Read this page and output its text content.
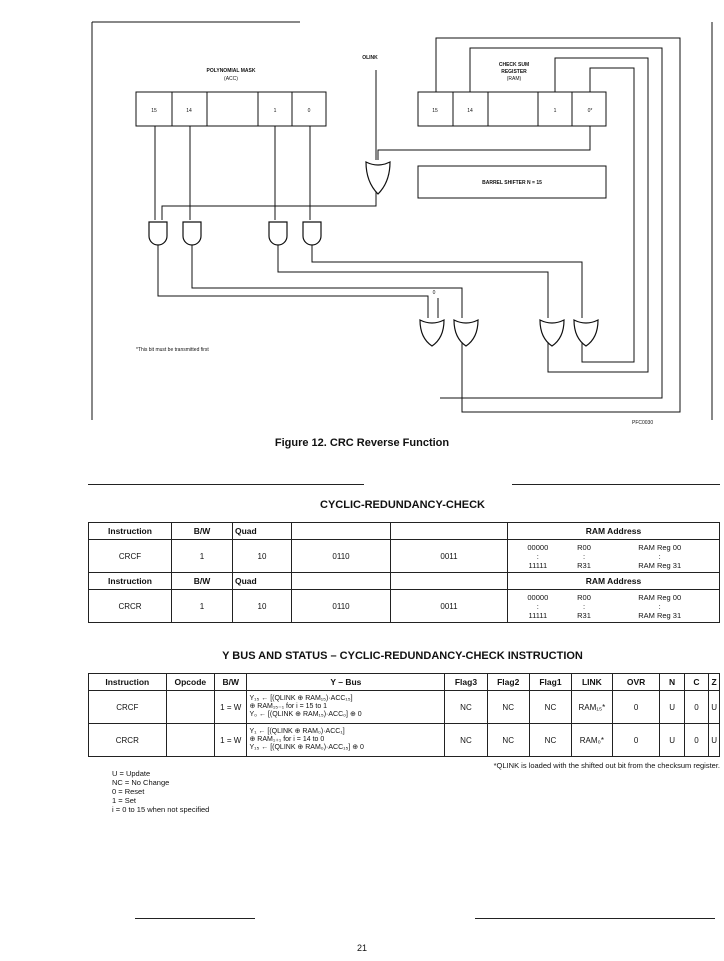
15	14	1	0	15	14	1	0*
POLYNOMIAL MASK
(ACC)
OLINK
CHECK SUM
REGISTER
(RAM)
BARREL SHIFTER N = 15
0
*This bit must be transmitted first
PFC0030
Figure 12. CRC Reverse Function
CYCLIC-REDUNDANCY-CHECK
Instruction	B/W	Quad			RAM Address
CRCF	1	10	0110	0011	
00000	R00	RAM Reg 00
:	:	:
11111	R31	RAM Reg 31

Instruction	B/W	Quad			RAM Address
CRCR	1	10	0110	0011	
00000	R00	RAM Reg 00
:	:	:
11111	R31	RAM Reg 31
Y BUS AND STATUS – CYCLIC-REDUNDANCY-CHECK INSTRUCTION
Instruction	Opcode	B/W	Y – Bus	Flag3	Flag2	Flag1	LINK	OVR	N	C	Z
CRCF		1 = W	Y₁₅ ← [(QLINK ⊕ RAM₁₅)·ACC₁₅]
⊕ RAM₁₅₋₁ for i = 15 to 1
Y₀ ← [(QLINK ⊕ RAM₁₅)·ACC₀] ⊕ 0	NC	NC	NC	RAM₁₅*	0	U	0	U
CRCR		1 = W	Y₁ ← [(QLINK ⊕ RAM₀)·ACC₁]
⊕ RAM₁₊₁ for i = 14 to 0
Y₁₅ ← [(QLINK ⊕ RAM₀)·ACC₁₅] ⊕ 0	NC	NC	NC	RAM₀*	0	U	0	U
*QLINK is loaded with the shifted out bit from the checksum register.
U = Update
NC = No Change
0 = Reset
1 = Set
i = 0 to 15 when not specified
21
